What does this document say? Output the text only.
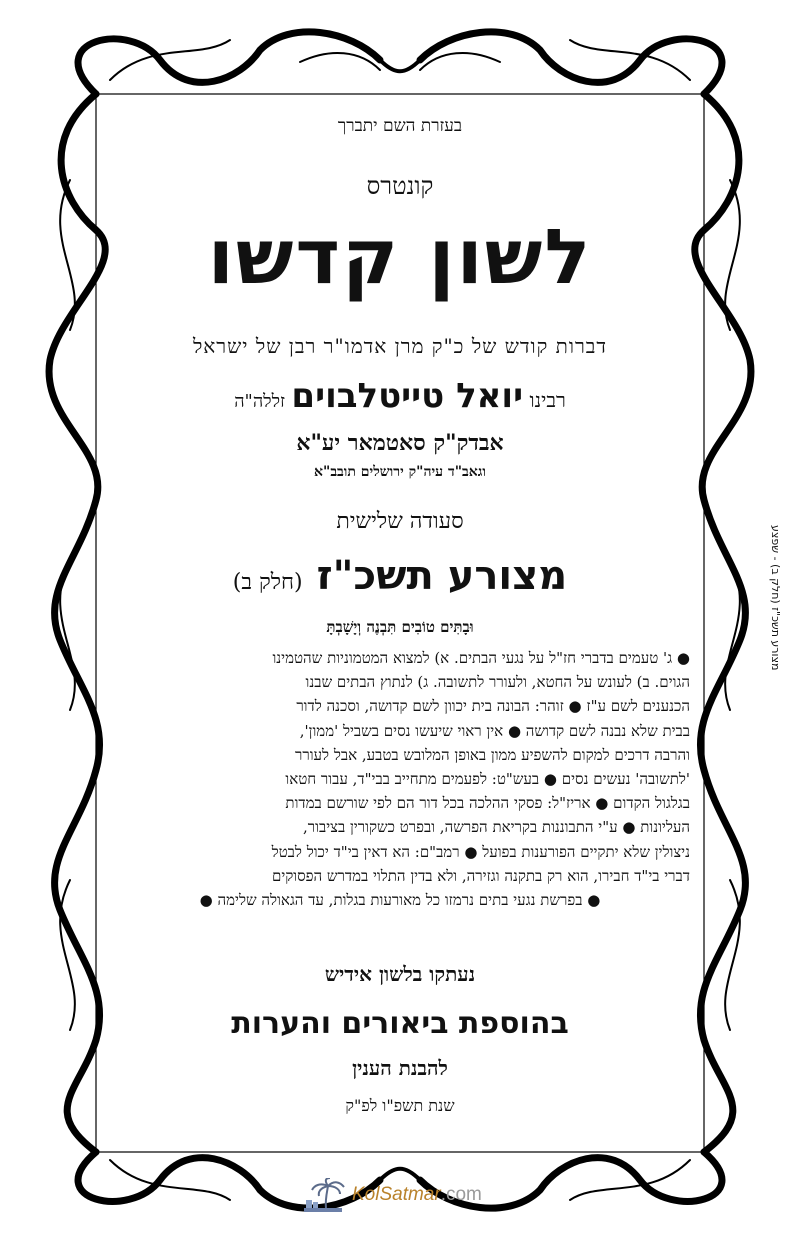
בעזרת השם יתברך
קונטרס
לשון קדשו
דברות קודש של כ"ק מרן אדמו"ר רבן של ישראל
רבינו יואל טייטלבוים זללה"ה
אבדק"ק סאטמאר יע"א
וגאב"ד עיה"ק ירושלים תובב"א
סעודה שלישית
מצורע תשכ"ז (חלק ב)
וּבָתִּים טוֹבִים תִּבְנֶה וְיָשָׁבְתָּ
● ג' טעמים בדברי חז"ל על נגעי הבתים. א) למצוא המטמוניות שהטמינו
הגוים. ב) לעונש על החטא, ולעורר לתשובה. ג) לנתוץ הבתים שבנו
הכנענים לשם ע"ז ● זוהר: הבונה בית יכוון לשם קדושה, וסכנה לדור
בבית שלא נבנה לשם קדושה ● אין ראוי שיעשו נסים בשביל 'ממון',
והרבה דרכים למקום להשפיע ממון באופן המלובש בטבע, אבל לעורר
'לתשובה' נעשים נסים ● בעש"ט: לפעמים מתחייב בבי"ד, עבור חטאו
בגלגול הקדום ● אריז"ל: פסקי ההלכה בכל דור הם לפי שורשם במדות
העליונות ● ע"י התבוננות בקריאת הפרשה, ובפרט כשקורין בציבור,
ניצולין שלא יתקיים הפורענות בפועל ● רמב"ם: הא דאין בי"ד יכול לבטל
דברי בי"ד חבירו, הוא רק בתקנה וגזירה, ולא בדין התלוי במדרש הפסוקים
● בפרשת נגעי בתים נרמזו כל מאורעות בגלות, עד הגאולה שלימה ●
נעתקו בלשון אידיש
בהוספת ביאורים והערות
להבנת הענין
שנת תשפ"ו לפ"ק
מצורע תשכ"ז (חלק ב) - שפצע
KolSatmar.com
